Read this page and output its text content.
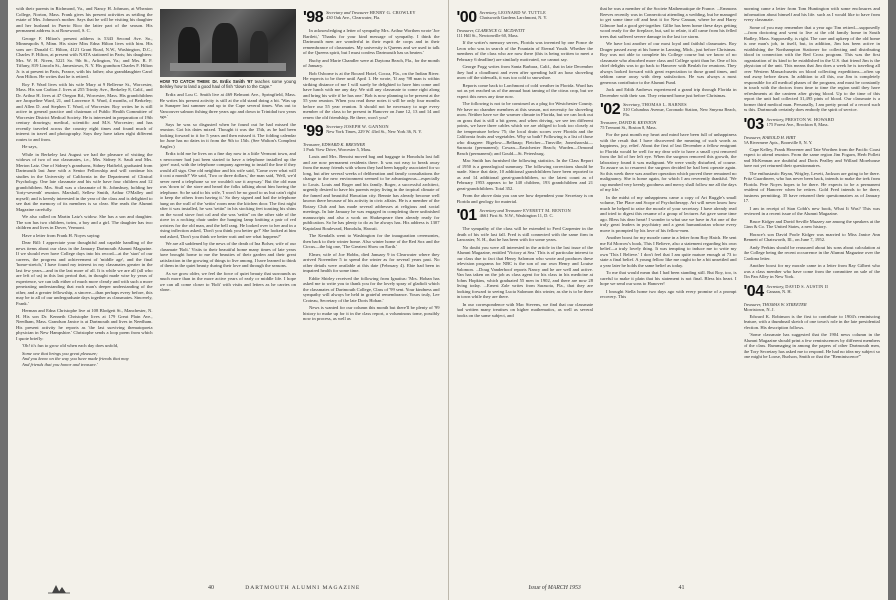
with their parents in Richmond, Va., and Nancy H. Johnson, at Wheaton College, Norton, Mass. Frank gives his present activities as settling the estate of Mrs. Johnson's mother. Says that he will be visiting his daughter and her husband in Puerto Rico the latter part of the season. His permanent address is at Rosewood, S. C.

George F. Hilton's present address is 5343 Second Ave. So., Minneapolis 9, Minn. His sister Miss Edna Hilton lives with him. His sons are: Donald C. Hilton, 4121 Grant Road, N.W., Washington, D.C.; Charles F. Hilton, at present with NATA stationed in Paris; his daughters: Mrs. W. H. Niven, 5221 So. 9th St., Arlington, Va.; and Mrs. R. F. Tiffany, 819 Lincoln St., Jamestown, N. Y. His grandson Charles F. Hilton Jr. is at present in Paris, France, with his father; also granddaughter Carol Ann Hilton. He writes that he is retired.

Roy F. Ward lives with his wife Mary at 9 Bellevue St., Worcester, Mass. His son Carlton J. lives at 255 Trinity Ave., Berkeley 8, Calif., and Dr. Arthur H. lives at 47 Oregon Rd., Worcester, Mass. His grandchildren are Jacqueline Ward, 21, and Lawrence S. Ward, 4 months, of Berkeley; and Allen D. and Stephen T. Ward, of Worcester. Roy writes he is still active in general practice and chairman of Public Health Committee of Worcester District Medical Society. He is interested in preparation of 19th century drawings; medical, scientific and M.S. Worcester; and has recently traveled across the country eight times and found much of interest in travel and photography. Says they have taken eight different routes to and from.

He says,

While in Berkeley last August we had the pleasure of visiting the widows of two of our classmates, i.e., Mrs. Sidney S. Sauli and Mrs. Merton Latz. One of Sidney's grandsons, Sidney Hatfield, graduated from Dartmouth last June with a Senior Fellowship and will continue his studies in the University of California in the Department of Clinical Psychology. One late classmate and his wife have four children and 12 grandchildren. Mrs. Stull was a classmate of St. Johnsbury, holding her 'forty-seventh' reunion. Marshall, Sellew Smith, Arthur O'Malley and myself; and is keenly interested in the year of the class and is delighted to see that the memory of its members is so clear. She reads the Alumni Magazine carefully.

We also called on Martin Latz's widow. She has a son and daughter. The son has two children, twins, a boy and a girl. The daughter has two children and lives in Dover, Vermont.

Have a letter from Frank H. Noyes saying:

Dear Bill: I appreciate your thoughtful and capable handling of the news items about our class in the January Dartmouth Alumni Magazine. If we should ever have College days into his record—at the 'start' of our careers, the progress and achievement of 'middle age', and the final 'home-stretch,' I have found my interest in my classmates greater in the last few years—and in the last more of all. It is while we are all (all who are left of us) in this last period that, in thought made wise by years of experience, we can talk either of much more clearly and with such a more penetrating understanding that each man's deeper understanding of the other, and a greater fellowship, a sincere—than perhaps every before, this may be to all of our undergraduate days together as classmates. Sincerely, Frank.'

Herman and Edna Christophe live at 108 Blodgett St., Manchester, N. H. His son Dr. Kenneth Christophe lives at 179 Great Plain Ave., Needham, Mass. Grandson Janice is at Dartmouth and lives in Needham. His present activity he reports as 'the last surviving thematopoeia physician in New Hampshire.' Christophe sends a loop poem from which I quote briefly:

'Oh! it's fun to grow old when each day does unfold,

Some one that brings you great pleasure;
And you know on the way you have made friends that may
And friends that you honor and treasure.'
HOW TO CATCH THEM: Dr. Erdix Smith '97 teaches some young Belsley how to land a good haul of fish "down to the Cape."

Erdix and Lou C. Smith live at 469 Belmont Ave., Springfield, Mass. He writes his present activity is still at the old stand doing a bit. 'Was up to Sunapee last summer and up to the Cape several times. Was out to Vancouver salmon fishing three years ago and down to Trinidad two years ago.'

Says he was so disgusted when he found out he had missed the reunion. Got his dates mixed. Thought it was the 15th, as he had been looking forward to it for 5 years and then missed it. The folding calendar for June has no dates in it from the 9th to 15th. (See Walton's Compleat Angler.)

Erdix told me he lives on a fine day now in a little Vermont town, and a newcomer had just been started to have a telephone installed up the 'gore' road, with the telephone company agreeing to install the line if they would all sign. One old neighbor and his wife said, 'Come over what will it cost a month?' We said, 'Two or three dollars,' the man said, 'Well, we'd never need a telephone so we wouldn't use it anyway.' But the old man was 'down to' the store and heard the folks talking about him having the telephone. So he said to his wife, 'I won't be no good to us but cain't right to keep the others from having it.' So they signed and had the telephone hung on the wall of the 'settin' room near the kitchen door. The first night after it was installed, he was 'settin'' in his stocking feet toasting his shins on the wood stove foot cal and she was 'settin'' on the other side of the stove in a rocking chair under the hanging lamp knitting a pair of red wristers for the old man, and the bell rang. He looked over to her and in a rising inflection asked, 'Don't you think you better go?' She looked at him and asked, 'Don't you think we better wait and see what happens?'

We are all saddened by the news of the death of Ina Bolser, wife of our classmate 'Bolt.' Visits to their beautiful home many times of late years have brought home to me the beauties of their garden and their great satisfaction in the growing of things to live among. I have learned to think of them in the quiet beauty during their love and through the seasons.

As we grow older, we feel the force of quiet beauty that surrounds us much more than in the more active years of early or middle life. I hope we can all come closer to 'Bolt' with visits and letters as he carries on alone.

'98 Secretary and Treasurer HENRY G. CROWLEY
430 Oak Ave., Clearwater, Fla.

In acknowledging a letter of sympathy Mrs. Arthur Worthen wrote 'Joe Bartlett,' 'Thanks for your kind message of sympathy. I think the Dartmouth men are wonderful in their esprit de corps and in their remembrance of classmates. My university is Queens and we used to talk of the Queens spirit, but I must confess Dartmouth has us beaten.'

Buchy and Marie Chandler were at Daytona Beach, Fla., for the month of January.

Bob Osborne is at the Bocard Hotel, Cocoa, Fla., on the Indian River. He expects to be there until April 1. He wrote, 'If any '98 man is within striking distance of me I will surely be delighted to have him come and have lunch with me any day. We still any classmate to come right along and bring his wife if he has one.' Bob is now planning to be present at the 55 year reunion. When you read these notes it will be only four months before our 55 year reunion. It should not be necessary to urge every member of the class to be present in Hanover on June 12, 13 and 14 and renew the old friendship. Be there, won't you?

'99 Secretary JOSEPH W. GANNON
New York Times, 229 W. 43rd St., New York 36, N. Y.
Treasurer, EDWARD K. BRENNER
1 Park View Drive, Worcester 5, Mass.

Louis and Mrs. Benoist moved bag and baggage to Honolulu last fall and are now permanent residents there. It was not easy to break away from the many friends with whom they had been happily associated for so long, but after several weeks of deliberation and family consultations the change to the new environment seemed to be advantageous—especially to Louis. Louis and Roger and his family. Roger, a successful architect, urgently desired to have his parents enjoy living in the tropical climate of the famed and beautiful Hawaiian city. Bennie has already become well known there because of his activity in civic affairs. He is a member of the Rotary Club and has made several addresses at religious and social meetings. In late January he was engaged in completing three unfinished manuscripts and also a work on Shakespeare then already ready for publication. So he has plenty to do as he always has. His address is 1307 Kapiolani Boulevard, Honolulu, Hawaii.

The Kendalls went to Washington for the inauguration ceremonies, then back to their winter home. Also winter home of the Red Sox and the Circus—the big one, 'The Greatest Show on Earth.'

Elmer, wife of Joe Hobbs, died January 9 in Clearwater where they arrived November 5 to spend the winter as for several years past. No other details were available at this date (February 4). Ebie had been in impaired health for some time.

Eddie Shirley received the following from Ignatius: 'Mrs. Hoban has asked me to write you to thank you for the lovely spray of gladioli which the classmates of Dartmouth College, Class of '99 sent. Your kindness and sympathy will always be held in grateful remembrance. Yours truly, Lee Croteau, Secretary of the late Doris Hoban.'

News is wanted for our column this month but there'll be plenty of '99 history to make up for it in the class report, a voluminous tome, possibly now in process, as well as

40	DARTMOUTH ALUMNI MAGAZINE
'00 Secretary, LEONARD W. TUTTLE
Chatsworth Gardens Larchmont, N. Y.
Treasurer, CLARENCE G. MCDAVITT
111 Hill St., Newtonville 60, Mass.

If the writer's memory serves, Florida was invented by one Ponce de Leon who was in search of the Fountain of Eternal Youth. Whether the members of the class who are now there (this is being written to meet a February 6 deadline) are similarly motivated, we cannot say.

George Fogg writes from Santa Barbara, Calif., that in late December they had a cloudburst and even after spending half an hour shoveling snow off the sidewalk, it was too cold to snowshoe.

Reports come back to Larchmont of cold weather in Florida. Ward has not as yet reached us of the annual boat taming of the citrus crop, but we expect this news any time now.

The following is not to be construed as a plug for Westchester County. We have no chamber members at this season, not necessity for shoveling snow. Neither have we the warmer climate in Florida, but we can look out on grass that is still a bit green, and when driving, we see ten different points, we have three cables which we are obliged to look too closely at the temperature below 75; the local drain scores over Florida and the California fruits and vegetables. Why so bath? Following is a list of those who disagree: Bigelow—Belknap; Fletcher—Tinsville; Joneshawski—Sarasota (permanent); Cowan—Eastchester Beach; Warden—Ormond Beach (permanent); and Gould—St. Petersburg.

Mac Smith has furnished the following statistics. In the Class Report of 1950 is a genealogical summary. The following corrections should be made. Since that date, 10 additional grandchildren have been reported to us and 14 additional great-grandchildren, so the latest count as of February 1953 appears to be 140 children, 193 grandchildren and 21 great-grandchildren. Total 352.

From the above data you can see how dependent your Secretary is on Florida and geology for material.

'01 Secretary and Treasurer EVERETT M. BENTON
4661 First St. N.W., Washington 11, D. C.

The sympathy of the class will be extended to Fred Carpenter in the death of his wife last fall. Fred is still connected with the same firm in Lancaster, N. H., that he has been with for some years.

No doubt you were all interested in the article in the last issue of the Alumni Magazine, entitled 'Victory at Sea.' This is of particular interest to our class due to fact that Henry Salomon who wrote and produces these television programs for NBC is the son of our own Henry and Louise Salomon. ...Doug Vanderhoof reports Nancy and he are well and active. Van has taken on the job as class agent for his class in his medicine at Johns Hopkins, which graduated 55 men in 1902, and there are now 28 living today. ...Ernest Zale writes from Sarasota, Fla., that they are looking forward to seeing Lucia Salomon this winter, as she is to be there in town while they are there.

In our correspondence with Mac Stevens, we find that our classmate had written many treatises on higher mathematics, as well as several books on the same subject, and

that he was a member of the Societe Mathematique de France. ...Emmons Reeves recently was in Connecticut attending a wedding, but he managed to get some time off and beat it for New Canaan, where he and Harry Gilmore had a good get-together. Gillie has been home these days getting wood ready for the fireplace, but, sad to relate, it all came from his felled trees that suffered severe damage in the last ice storm.

We have lost another of our most loyal and faithful classmates. Roy Drager passed away at his home in Lansing, Mich., just before Christmas. Roy was not able to complete his College course but we know of no classmate who absorbed more class and College spirit than he. One of his chief delights was to go back to Hanover with Beulah for reunions. They always looked forward with great expectation to those grand times, and seldom came away with deep satisfaction. He was always a most generous contributor to the Alumni Fund.

Jack and Edith Andrews experienced a grand trip through Florida in December with their son. They returned home just before Christmas.

'02 Secretary, THOMAS L. BARNES
310 Columbus Avenue, Coronado Station, New Smyrna Beach, Fla.
Treasurer, DAVID B. KEYSTON
75 Tremont St., Boston 8, Mass.

For the past month my heart and mind have been full of unhappiness with the result that I have discovered the meaning of such words as happiness, joy, relief. About the first of last December a fellow emigrant to Florida would be well for my dear wife to have a small cyst removed from the lid of her left eye. When the surgeon removed this growth, the laboratory found it was malignant. We were vastly disturbed, of course. To assure us to resurrect the surgeon decided he had best operate again. So this week there was another operation which proved there remained no malignancy. She is home again, for which I am reverently thankful. 'We cup numbed very keenly goodness and mercy shall follow me all the days of my life.'

In the midst of my unhappiness came a copy of Art Ruggle's small volume, The Place and Scope of Psychotherapy. Art will never know how much he helped to raise the morale of your secretary. I have already read and tried to digest this resume of a group of lectures Art gave some time ago. Bless his dear heart! I wonder to what use we have in Art one of the truly great leaders in psychiatry and a great humanitarian whose every move is prompted by his love of his fellow-men.

Another boost for my morale came in a letter from Roy Hatch. He sent me Ed Morrow's book, This I Believe, also a statement regarding his own belief—a truly lovely thing. It was tempting to induce me to write my own 'This I Believe.' I don't feel that I am quite mature enough at 73 to state a final belief. A young fellow like me ought to be a bit unsettled and a year later he holds the same belief as today.

To me that would mean that I had been standing still. But Roy, too, is careful to make it plain that his statement is not final. Bless his heart. I hope we send our sons to Hanover!

I brought Stella home two days ago with every promise of a prompt recovery. This

morning came a letter from Tom Huntington with some enclosures and information about himself and his life. such as I would like to have from every classmate.

Some of you may remember that a year ago Tim retired—supposedly—from doctoring and went to live at the old family home in South Hadley, Mass. Supposedly, is right. The care and upkeep of the old home is one man's job, in itself, but, in addition, Jim has been active in establishing the Northampton Stationer for collecting and distributing blood in connection with the Red Cross program. This was the first organization of its kind to be established in the U.S. that friend Jim is the physician of the unit. This means that Jim does a week he is traveling all over Western Massachusetts on blood collecting expeditions—often up and away before dawn. In addition to all this, our Jim is completely responsible for all medical phases of the program, and must be constantly in touch with the doctors from time to time the region until they have refreshments at the canteen after giving blood. Up to the time of this report the unit had collected 31,495 pints of blood. Our classmate is a former third medical man. Personally, I am pretty proud of a record such as this. Dartmouth certainly does embody the spirit of service.

'03 Secretary, PRESTON W. HOWARD
175 Forest Ave., Brockton 8, Mass.
Treasurer, HAROLD H. HIRT
5A Rivermere Apts., Boonville 8, N. Y.

Cape Kelley, Frank Heavener and Tate Worthen from the Pacific Coast expect to attend reunion. From the same region Jim Fogarn, Herb Pollett and McKennan are doubtful and Doris Pealley and Willard Morehouse have not yet returned their questionnaires.

The enthusiastic Bryan, Wrigley, Levett, Jackson are going to be there. Fritz Guardineer, who has never been back, intends to make the trek from Florida. Pete Noyes hopes to be there. He expects to be a permanent resident of Hanover when he retires. Gold Fred intends to be there, business permitting. 35 have returned their questionnaires as of January 17.

I am in receipt of Stan Cobb's new book, What It Was? This was reviewed in a recent issue of the Alumni Magazine.

Bruce Kidger and David Seville Muzzey are among the speakers at the Ginn & Co. The United States, a new history.

Horace's son David Poole Kidger was married to Miss Janice Ann Bennett of Chatsworth, Ill., on June 7, 1952.

Andy Perkins should be reassured about his sons about calculation at the College being the recent occurrence in the Alumni Magazine over the Cardona letter.

Another boost for my morale came in a letter from Ray Gilbert who was a class member who have come from the committee on sale of the Tin Pan Alley in New York.

'04 Secretary, DAVID S. AUSTIN II
Canaan, N. H.
Treasurer, THOMAS W. STREETER
Morristown, N. J.

Edward K. Robinson is the first to contribute to 1904's reminiscing feature, with a thumbnail sketch of one town's role in the late presidential election. His description follows.

'Some classmate has suggested that the 1904 news column in the Alumni Magazine should print a few reminiscences by different members of the class. Rummaging in among the papers of other Dartmouth men, the Tory Secretary has asked me to respond. He had no idea my subject so one might be Loose, Burlson, Smith or that the "Reminiscence"'

Issue of MARCH 1953	41
